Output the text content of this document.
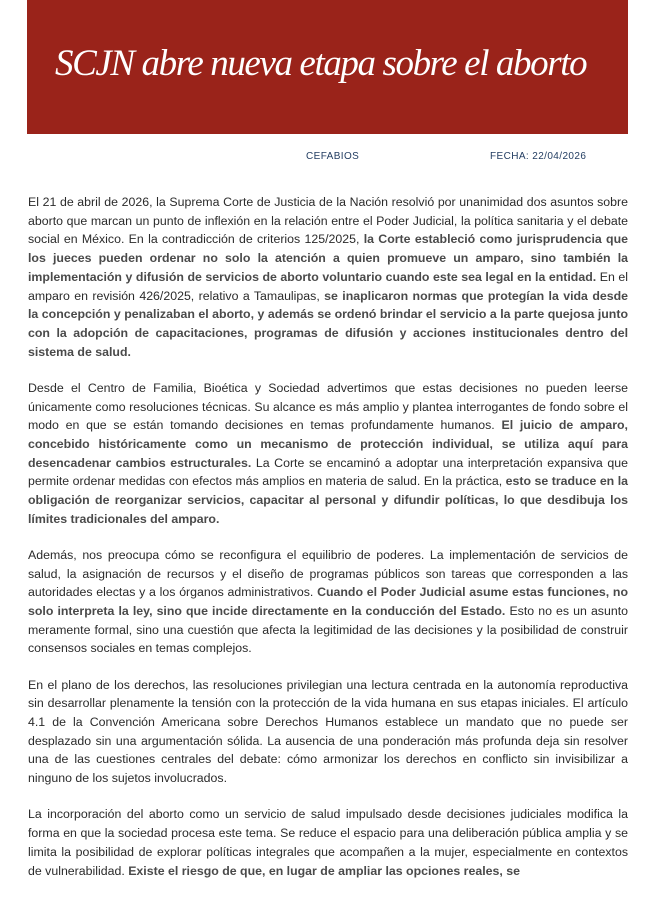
SCJN abre nueva etapa sobre el aborto
CEFABIOS	FECHA: 22/04/2026

El 21 de abril de 2026, la Suprema Corte de Justicia de la Nación resolvió por unanimidad dos asuntos sobre aborto que marcan un punto de inflexión en la relación entre el Poder Judicial, la política sanitaria y el debate social en México. En la contradicción de criterios 125/2025, la Corte estableció como jurisprudencia que los jueces pueden ordenar no solo la atención a quien promueve un amparo, sino también la implementación y difusión de servicios de aborto voluntario cuando este sea legal en la entidad. En el amparo en revisión 426/2025, relativo a Tamaulipas, se inaplicaron normas que protegían la vida desde la concepción y penalizaban el aborto, y además se ordenó brindar el servicio a la parte quejosa junto con la adopción de capacitaciones, programas de difusión y acciones institucionales dentro del sistema de salud.

Desde el Centro de Familia, Bioética y Sociedad advertimos que estas decisiones no pueden leerse únicamente como resoluciones técnicas. Su alcance es más amplio y plantea interrogantes de fondo sobre el modo en que se están tomando decisiones en temas profundamente humanos. El juicio de amparo, concebido históricamente como un mecanismo de protección individual, se utiliza aquí para desencadenar cambios estructurales. La Corte se encaminó a adoptar una interpretación expansiva que permite ordenar medidas con efectos más amplios en materia de salud. En la práctica, esto se traduce en la obligación de reorganizar servicios, capacitar al personal y difundir políticas, lo que desdibuja los límites tradicionales del amparo.

Además, nos preocupa cómo se reconfigura el equilibrio de poderes. La implementación de servicios de salud, la asignación de recursos y el diseño de programas públicos son tareas que corresponden a las autoridades electas y a los órganos administrativos. Cuando el Poder Judicial asume estas funciones, no solo interpreta la ley, sino que incide directamente en la conducción del Estado. Esto no es un asunto meramente formal, sino una cuestión que afecta la legitimidad de las decisiones y la posibilidad de construir consensos sociales en temas complejos.

En el plano de los derechos, las resoluciones privilegian una lectura centrada en la autonomía reproductiva sin desarrollar plenamente la tensión con la protección de la vida humana en sus etapas iniciales. El artículo 4.1 de la Convención Americana sobre Derechos Humanos establece un mandato que no puede ser desplazado sin una argumentación sólida. La ausencia de una ponderación más profunda deja sin resolver una de las cuestiones centrales del debate: cómo armonizar los derechos en conflicto sin invisibilizar a ninguno de los sujetos involucrados.

La incorporación del aborto como un servicio de salud impulsado desde decisiones judiciales modifica la forma en que la sociedad procesa este tema. Se reduce el espacio para una deliberación pública amplia y se limita la posibilidad de explorar políticas integrales que acompañen a la mujer, especialmente en contextos de vulnerabilidad. Existe el riesgo de que, en lugar de ampliar las opciones reales, se
